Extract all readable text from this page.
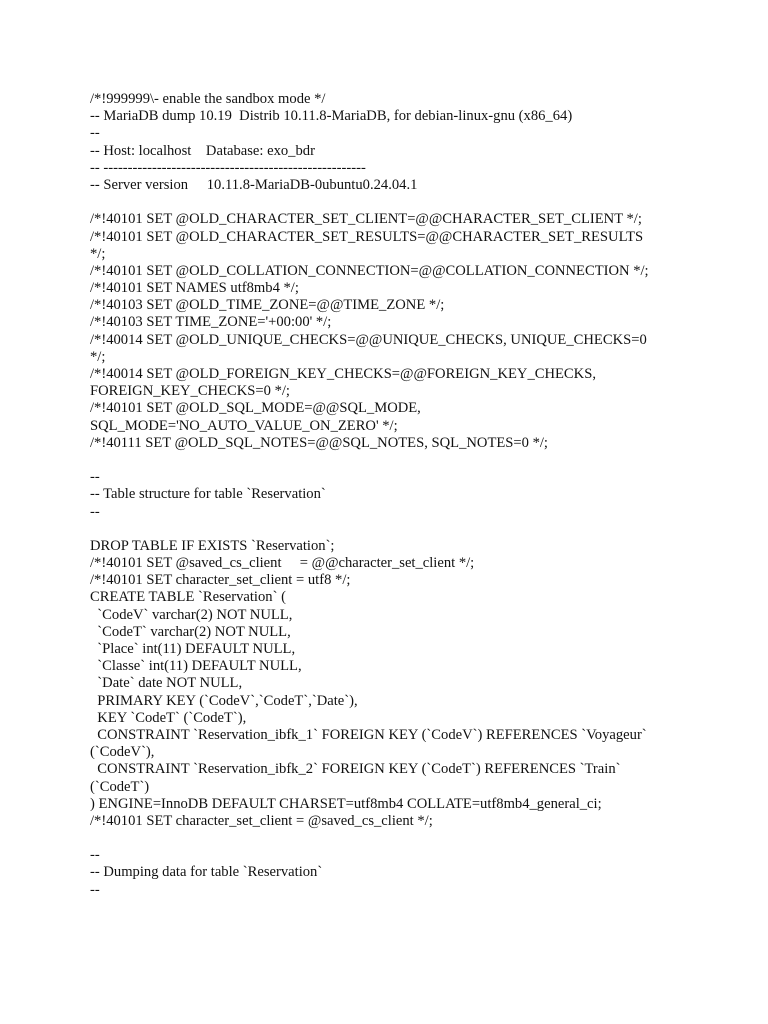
/*!999999\- enable the sandbox mode */
-- MariaDB dump 10.19  Distrib 10.11.8-MariaDB, for debian-linux-gnu (x86_64)
--
-- Host: localhost    Database: exo_bdr
-- ------------------------------------------------------
-- Server version	10.11.8-MariaDB-0ubuntu0.24.04.1
/*!40101 SET @OLD_CHARACTER_SET_CLIENT=@@CHARACTER_SET_CLIENT */;
/*!40101 SET @OLD_CHARACTER_SET_RESULTS=@@CHARACTER_SET_RESULTS
*/;
/*!40101 SET @OLD_COLLATION_CONNECTION=@@COLLATION_CONNECTION */;
/*!40101 SET NAMES utf8mb4 */;
/*!40103 SET @OLD_TIME_ZONE=@@TIME_ZONE */;
/*!40103 SET TIME_ZONE='+00:00' */;
/*!40014 SET @OLD_UNIQUE_CHECKS=@@UNIQUE_CHECKS, UNIQUE_CHECKS=0
*/;
/*!40014 SET @OLD_FOREIGN_KEY_CHECKS=@@FOREIGN_KEY_CHECKS,
FOREIGN_KEY_CHECKS=0 */;
/*!40101 SET @OLD_SQL_MODE=@@SQL_MODE,
SQL_MODE='NO_AUTO_VALUE_ON_ZERO' */;
/*!40111 SET @OLD_SQL_NOTES=@@SQL_NOTES, SQL_NOTES=0 */;
--
-- Table structure for table `Reservation`
--
DROP TABLE IF EXISTS `Reservation`;
/*!40101 SET @saved_cs_client     = @@character_set_client */;
/*!40101 SET character_set_client = utf8 */;
CREATE TABLE `Reservation` (
`CodeV` varchar(2) NOT NULL,
`CodeT` varchar(2) NOT NULL,
`Place` int(11) DEFAULT NULL,
`Classe` int(11) DEFAULT NULL,
`Date` date NOT NULL,
PRIMARY KEY (`CodeV`,`CodeT`,`Date`),
KEY `CodeT` (`CodeT`),
CONSTRAINT `Reservation_ibfk_1` FOREIGN KEY (`CodeV`) REFERENCES `Voyageur`
(`CodeV`),
CONSTRAINT `Reservation_ibfk_2` FOREIGN KEY (`CodeT`) REFERENCES `Train`
(`CodeT`)
) ENGINE=InnoDB DEFAULT CHARSET=utf8mb4 COLLATE=utf8mb4_general_ci;
/*!40101 SET character_set_client = @saved_cs_client */;
--
-- Dumping data for table `Reservation`
--
